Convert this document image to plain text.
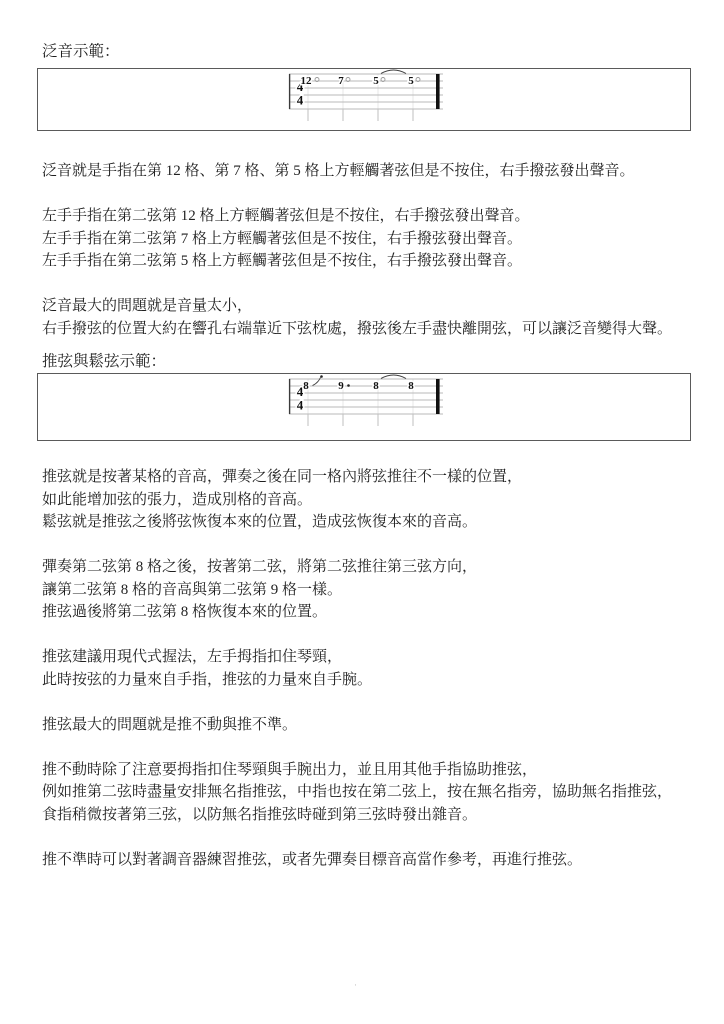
泛音示範：
4
4
12 7	5	5
泛音就是手指在第 12 格、第 7 格、第 5 格上方輕觸著弦但是不按住，右手撥弦發出聲音。
左手手指在第二弦第 12 格上方輕觸著弦但是不按住，右手撥弦發出聲音。
左手手指在第二弦第 7 格上方輕觸著弦但是不按住，右手撥弦發出聲音。
左手手指在第二弦第 5 格上方輕觸著弦但是不按住，右手撥弦發出聲音。
泛音最大的問題就是音量太小，
右手撥弦的位置大約在響孔右端靠近下弦枕處，撥弦後左手盡快離開弦，可以讓泛音變得大聲。
推弦與鬆弦示範：
4
4
8	9	8	8
推弦就是按著某格的音高，彈奏之後在同一格內將弦推往不一樣的位置，
如此能增加弦的張力，造成別格的音高。
鬆弦就是推弦之後將弦恢復本來的位置，造成弦恢復本來的音高。
彈奏第二弦第 8 格之後，按著第二弦，將第二弦推往第三弦方向，
讓第二弦第 8 格的音高與第二弦第 9 格一樣。
推弦過後將第二弦第 8 格恢復本來的位置。
推弦建議用現代式握法，左手拇指扣住琴頸，
此時按弦的力量來自手指，推弦的力量來自手腕。
推弦最大的問題就是推不動與推不準。
推不動時除了注意要拇指扣住琴頸與手腕出力，並且用其他手指協助推弦，
例如推第二弦時盡量安排無名指推弦，中指也按在第二弦上，按在無名指旁，協助無名指推弦，
食指稍微按著第三弦，以防無名指推弦時碰到第三弦時發出雜音。
推不準時可以對著調音器練習推弦，或者先彈奏目標音高當作參考，再進行推弦。
·
